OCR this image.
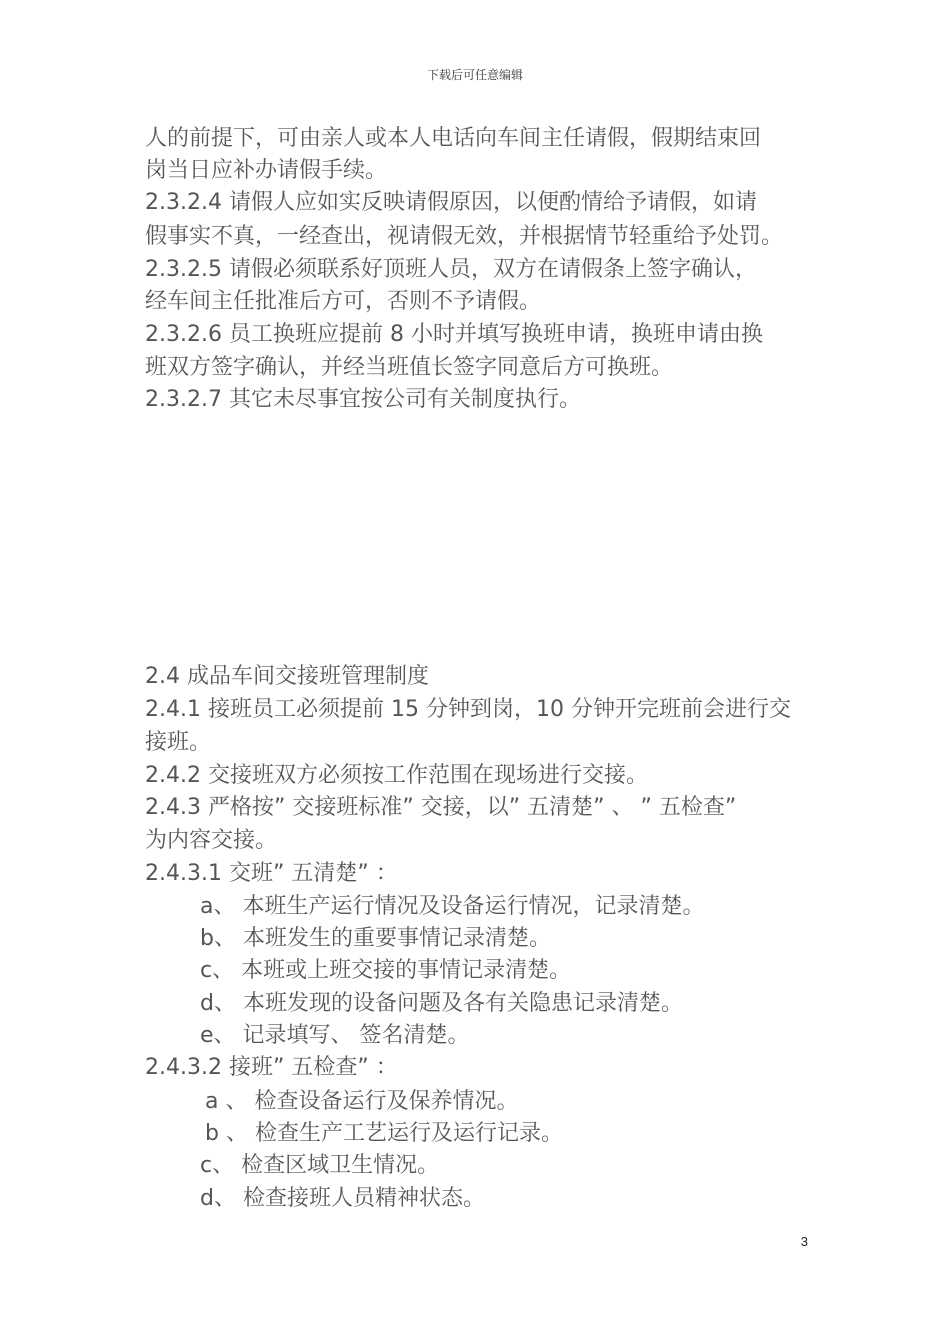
下载后可任意编辑
人的前提下，可由亲人或本人电话向车间主任请假，假期结束回
岗当日应补办请假手续。
2.3.2.4 请假人应如实反映请假原因，以便酌情给予请假，如请
假事实不真，一经查出，视请假无效，并根据情节轻重给予处罚。
2.3.2.5 请假必须联系好顶班人员，双方在请假条上签字确认，
经车间主任批准后方可，否则不予请假。
2.3.2.6 员工换班应提前 8 小时并填写换班申请，换班申请由换
班双方签字确认，并经当班值长签字同意后方可换班。
2.3.2.7 其它未尽事宜按公司有关制度执行。
2.4 成品车间交接班管理制度
2.4.1 接班员工必须提前 15 分钟到岗，10 分钟开完班前会进行交
接班。
2.4.2 交接班双方必须按工作范围在现场进行交接。
2.4.3 严格按” 交接班标准” 交接，以” 五清楚” 、 ” 五检查”
为内容交接。
2.4.3.1 交班” 五清楚” ：
a、 本班生产运行情况及设备运行情况，记录清楚。
b、 本班发生的重要事情记录清楚。
c、 本班或上班交接的事情记录清楚。
d、 本班发现的设备问题及各有关隐患记录清楚。
e、 记录填写、 签名清楚。
2.4.3.2 接班” 五检查” ：
a 、 检查设备运行及保养情况。
b 、 检查生产工艺运行及运行记录。
c、 检查区域卫生情况。
d、 检查接班人员精神状态。
3
